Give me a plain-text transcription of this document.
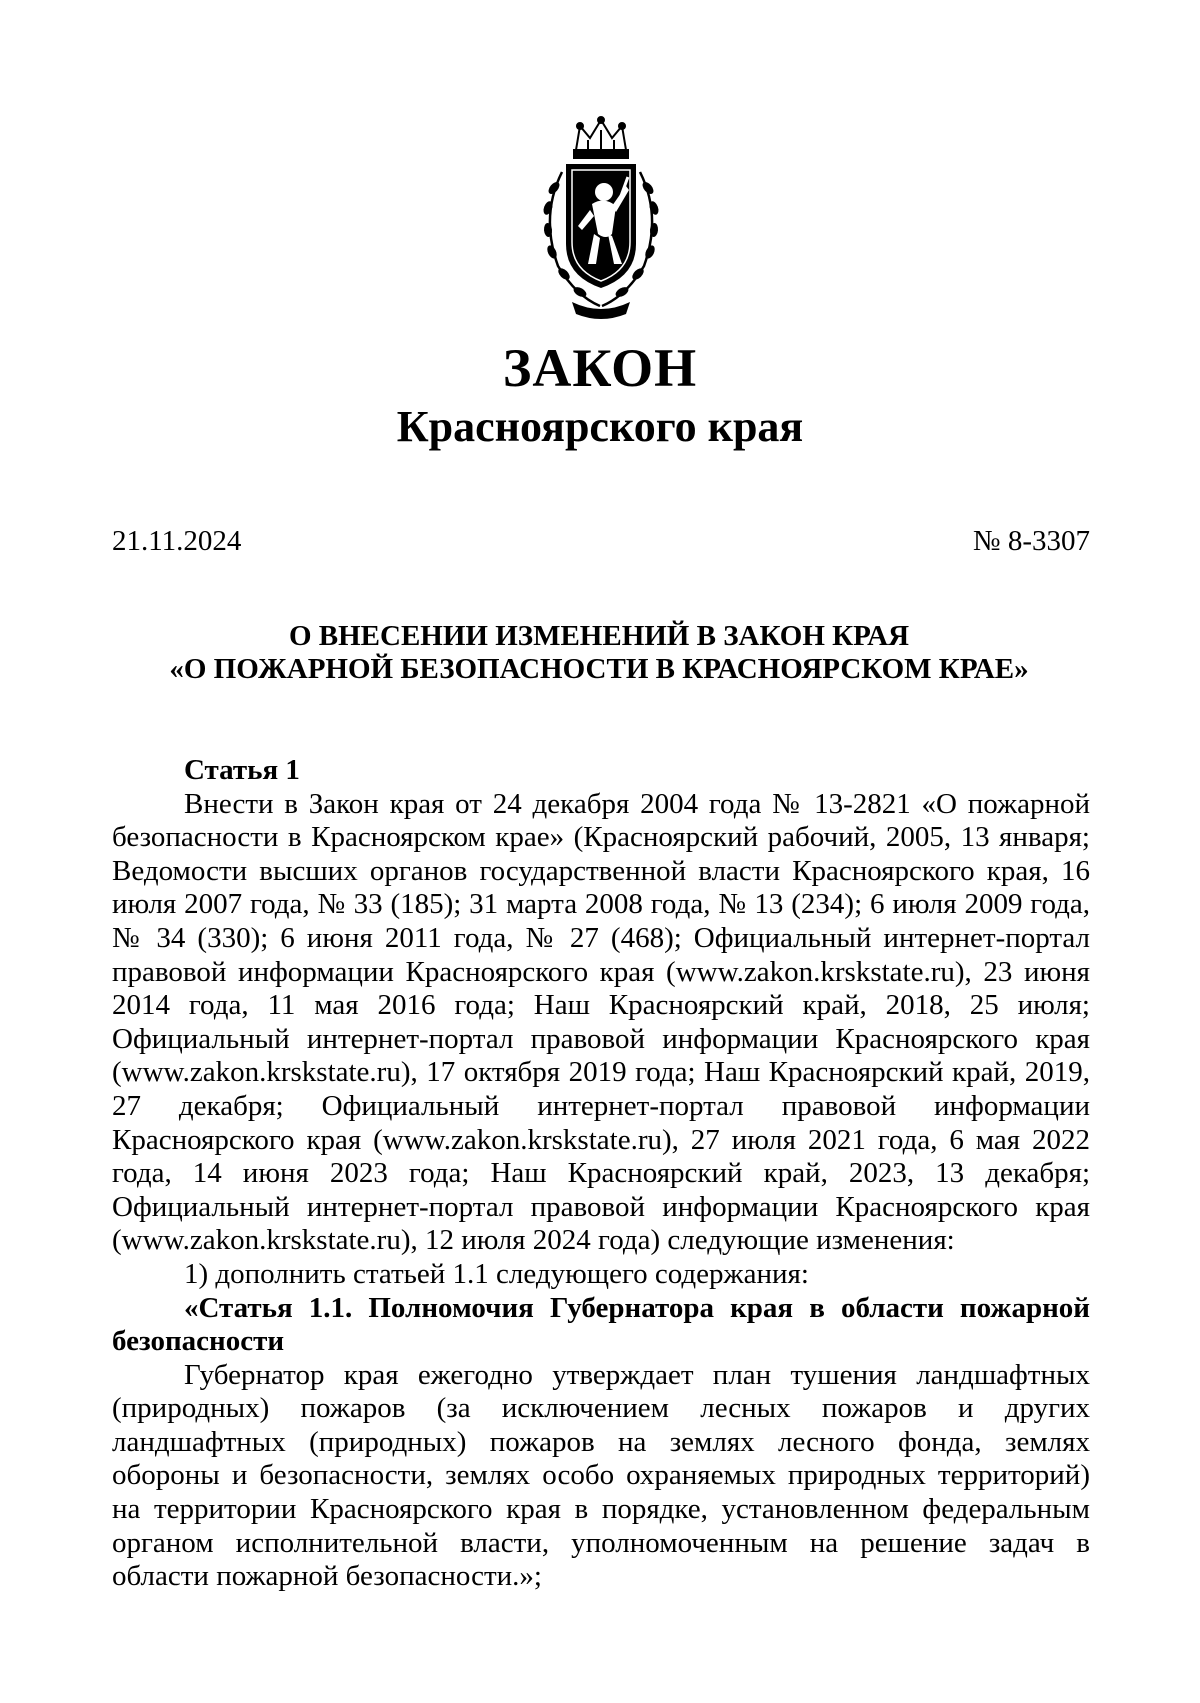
ЗАКОН
Красноярского края
21.11.2024	№ 8-3307
О ВНЕСЕНИИ ИЗМЕНЕНИЙ В ЗАКОН КРАЯ
«О ПОЖАРНОЙ БЕЗОПАСНОСТИ В КРАСНОЯРСКОМ КРАЕ»

Статья 1

Внести в Закон края от 24 декабря 2004 года № 13-2821 «О пожарной безопасности в Красноярском крае» (Красноярский рабочий, 2005, 13 января; Ведомости высших органов государственной власти Красноярского края, 16 июля 2007 года, № 33 (185); 31 марта 2008 года, № 13 (234); 6 июля 2009 года, № 34 (330); 6 июня 2011 года, № 27 (468); Официальный интернет-портал правовой информации Красноярского края (www.zakon.krskstate.ru), 23 июня 2014 года, 11 мая 2016 года; Наш Красноярский край, 2018, 25 июля; Официальный интернет-портал правовой информации Красноярского края (www.zakon.krskstate.ru), 17 октября 2019 года; Наш Красноярский край, 2019, 27 декабря; Официальный интернет-портал правовой информации Красноярского края (www.zakon.krskstate.ru), 27 июля 2021 года, 6 мая 2022 года, 14 июня 2023 года; Наш Красноярский край, 2023, 13 декабря; Официальный интернет-портал правовой информации Красноярского края (www.zakon.krskstate.ru), 12 июля 2024 года) следующие изменения:

1) дополнить статьей 1.1 следующего содержания:

«Статья 1.1. Полномочия Губернатора края в области пожарной безопасности

Губернатор края ежегодно утверждает план тушения ландшафтных (природных) пожаров (за исключением лесных пожаров и других ландшафтных (природных) пожаров на землях лесного фонда, землях обороны и безопасности, землях особо охраняемых природных территорий) на территории Красноярского края в порядке, установленном федеральным органом исполнительной власти, уполномоченным на решение задач в области пожарной безопасности.»;
